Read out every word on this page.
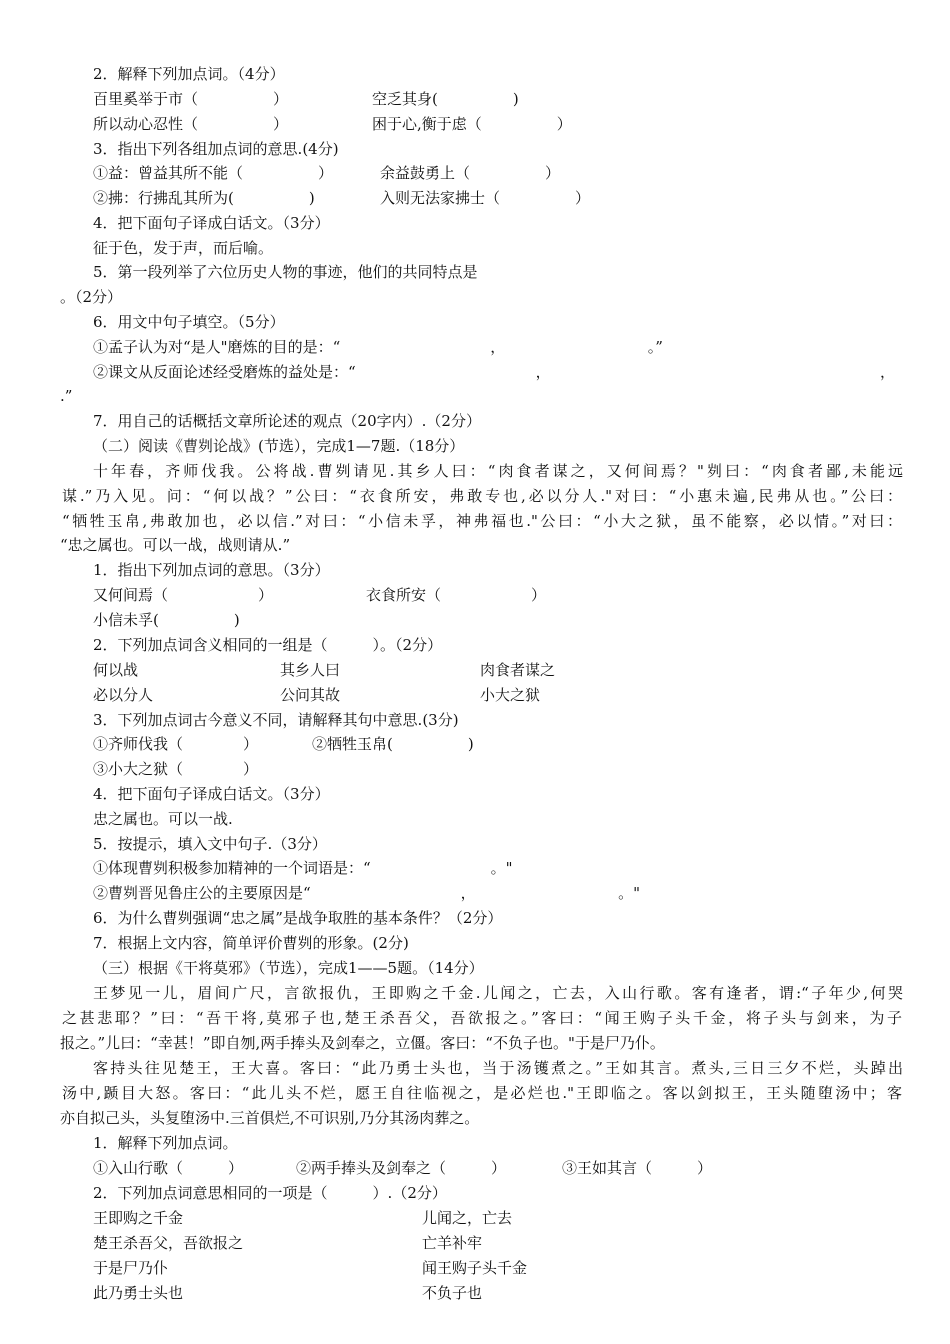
2．解释下列加点词。（4分）
百里奚举于市（　　　　　）	空乏其身(　　　　　)
所以动心忍性（　　　　　）	困于心,衡于虑（　　　　　）
3．指出下列各组加点词的意思.(4分)
①益：曾益其所不能（　　　　　）	余益鼓勇上（　　　　　）
②拂：行拂乱其所为(　　　　　)	入则无法家拂士（　　　　　）
4．把下面句子译成白话文。（3分）
征于色，发于声，而后喻。
5．第一段列举了六位历史人物的事迹，他们的共同特点是
。（2分）
6．用文中句子填空。（5分）
①孟子认为对“是人"磨炼的目的是：“　　　　　　　　　　，　　　　　　　　　　。”
②课文从反面论述经受磨炼的益处是：“　　　　　　　　　　　　，	，
.”
7．用自己的话概括文章所论述的观点（20字内）.（2分）
（二）阅读《曹刿论战》(节选），完成1—7题.（18分）
十年春，齐师伐我。公将战.曹刿请见.其乡人曰：“肉食者谋之，又何间焉？"刿曰：“肉食者鄙,未能远
谋.”乃入见。问：“何以战？”公曰：“衣食所安，弗敢专也,必以分人."对曰：“小惠未遍,民弗从也。”公曰：
“牺牲玉帛,弗敢加也，必以信.”对曰：“小信未孚，神弗福也."公曰：“小大之狱，虽不能察，必以情。”对曰：
“忠之属也。可以一战，战则请从.”
1．指出下列加点词的意思。（3分）
又何间焉（　　　　　　）	衣食所安（　　　　　　）
小信未孚(　　　　　)
2．下列加点词含义相同的一组是（　　　）。（2分）
何以战	其乡人曰	肉食者谋之
必以分人	公问其故	小大之狱
3．下列加点词古今意义不同，请解释其句中意思.(3分)
①齐师伐我（　　　　）	②牺牲玉帛(　　　　　)
③小大之狱（　　　　）
4．把下面句子译成白话文。（3分）
忠之属也。可以一战.
5．按提示，填入文中句子.（3分）
①体现曹刿积极参加精神的一个词语是：“　　　　　　　　。"
②曹刿晋见鲁庄公的主要原因是“　　　　　　　　　　，　　　　　　　　　　。"
6．为什么曹刿强调“忠之属”是战争取胜的基本条件？（2分）
7．根据上文内容，简单评价曹刿的形象。(2分)
（三）根据《干将莫邪》（节选），完成1——5题。（14分）
王梦见一儿，眉间广尺，言欲报仇，王即购之千金.儿闻之，亡去，入山行歌。客有逢者，谓:“子年少,何哭
之甚悲耶？”曰：“吾干将,莫邪子也,楚王杀吾父，吾欲报之。”客曰：“闻王购子头千金，将子头与剑来，为子
报之。”儿曰：“幸甚！”即自刎,两手捧头及剑奉之，立僵。客曰：“不负子也。"于是尸乃仆。
客持头往见楚王，王大喜。客曰：“此乃勇士头也，当于汤镬煮之。”王如其言。煮头,三日三夕不烂，头踔出
汤中,踬目大怒。客曰：“此儿头不烂，愿王自往临视之，是必烂也."王即临之。客以剑拟王，王头随堕汤中；客
亦自拟己头，头复堕汤中.三首俱烂,不可识别,乃分其汤肉葬之。
1．解释下列加点词。
①入山行歌（　　　）	②两手捧头及剑奉之（　　　）	③王如其言（　　　）
2．下列加点词意思相同的一项是（　　　）.（2分）
王即购之千金	儿闻之，亡去
楚王杀吾父，吾欲报之	亡羊补牢
于是尸乃仆	闻王购子头千金
此乃勇士头也	不负子也
